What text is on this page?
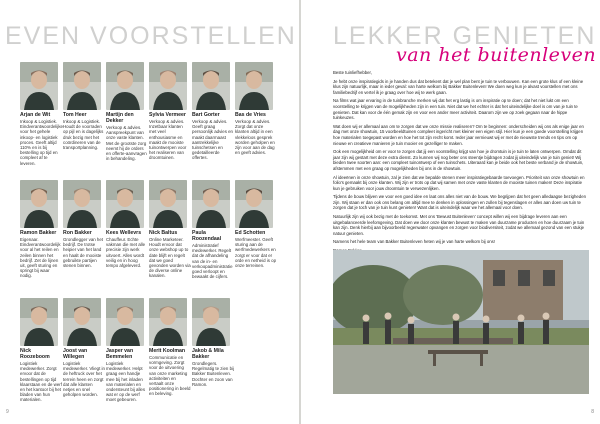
EVEN VOORSTELLEN
Arjan de Wit
Inkoop & Logistiek. Eindverantwoordelijke voor het gehele inkoop- en logistiek proces. Geeft altijd 110% en is bij bestelling op tijd en compleet af te leveren.
Tom Heer
Inkoop & Logistiek. Houdt de voorraden op pijl en is dagelijks druk bezig met het coördineren van de transportplanning.
Martijn den Dekker
Verkoop & advies. Aanspreekpunt van onze vaste klanten. Met de grootste zorg neemt hij de orders en offerte-aanvragen in behandeling.
Sylvia Vermeer
Verkoop & advies. Inzetbaar klanten met veel enthousiasme en maakt de mooiste tuinontwerpen voor het realiseren van droomtuinen.
Bart Gorter
Verkoop & advies. Geeft graag persoonlijk advies en maakt daarmaast aantrekkelijke tuinschetsen en gedetailleerde offertes.
Bas de Vries
Verkoop & advies. Zorgt dat onze klanten altijd in een vlekkeloos gesprek worden geholpen en zijn voor aan de dag en geeft advies.
Ramon Bakker
Eigenaar. Eindverantwoordelijk voor al het reilen en zeilen binnen het bedrijf. Zet de lijnen uit, geeft sturing en springt bij waar nodig.
Ron Bakker
Grondlegger van het bedrijf. De trotse heipier van het land en haalt de mooiste gebruikte partijen stenen binnen.
Kees Wellevrs
Chauffeur. Echte vakman die met alle precisie zijn werk uitvoert. Alles wordt veilig en in hoog tempo afgeleverd.
Nick Baltus
Online Marketeer. Houdt ervoor dat onze webshop up to date blijft en regelt dat we goed gevonden worden via de diverse online kanalen.
Paula Roozendaal
Administratief medewerker. Regelt dat de afhandeling van de in- en verkoopadministratie goed verloopt en bewaakt de cijfers.
Ed Schotten
Werfmeester. Geeft sturing aan de werfmedewerkers en zorgt er voor dat er orde en netheid is op onze terreinen.
Nick Roozeboom
Logistiek medewerker. Zorgt ervoor dat de bestellingen op tijd klaarstaan en de werf en het kantoor bij het bladen van hun materialen.
Joost van Willegen
Logistiek medewerker. Vliegt in de heftruck over het terrein heen en zorgt dat alle klanten netjes en snel geholpen worden.
Jasper van Bemmelen
Logistiek medewerker. Helpt graag een handje mee bij het inladen van materialen en ondersteunt bij alles wat er op de werf moet gebeuren.
Merit Koolman
Communicatie en vormgeving. Zorgt voor de uitvoering van onze marketing activiteiten en vertaalt onze positionering in beeld en beleving.
Jakob & Mila Bakker
Grondlegers. Regelmatig te zien bij Bakker Buitenleven. Dochter en zoon van Ramon.
9
LEKKER GENIETEN
van het buitenleven

Beste tuinliefhebber,

Je hebt onze inspiratiegids in je handen dus dat betekent dat je wel plan bent je tuin te verbouwen. Kan een grote klus of een kleine klus zijn natuurlijk, maar in ieder geval: van harte welkom bij Bakker Buitenleven! We doen weg kun je alvast voorstellen met ons familiebedrijf en vertel ik je graag over hoe wij te werk gaan.

Na films wat jaar ervaring in de tuinbranche merken wij dat het erg lastig is om inspiratie op te doen; dat het niet lukt om een voorstelling te krijgen van de mogelijkheden zijn in een tuin. Niet dat we het echter is dat het uiteindelijke doel is om van je tuin te genieten. Dat kan voor de één gemak zijn en voor een ander meer activiteit. Daarom zijn we op zoek gegaan naar de hippe tuinkeuzes.

Wat doen wij er allemaal aan om te zorgen dat we onze missie realiseren? Om te beginnen: onderscheiden wij ons als enige jaar en dag met onze showtuin, 15 voorbeeldtuinen compleet ingericht met kleiner een eigen stijl. Hier kun je een goede voorstelling krijgen hoe materialen toegepast worden en hoe het tot zijn recht komt. Ieder jaar vernieuwt wij er met de nieuwste trends en tips om op nieuwe en creatieve manieren je tuin mooier en gezelliger te maken.

Ook een mogelijkheid om er voor te zorgen dat jij een voorstelling krijgt van hoe je dromtuin is je tuin te laten ontwerpen. Omdat dit jaar zijn wij gestart met deze extra dienst. Zo kunnen wij nog beter ons steentje bijdragen zodat jij uiteindelijk van je tuin geniet! Wij bieden twee soorten aan: een compleet tuinontwerp of een tuinschets. Uiteraard kan je beide ook het beste verband je de showtuin, afstemmen met een graag op mogelijkheden bij ons in de showtuin.

Al ideeënen in onze showtuin, zal je zien dat we bepalde stenen meer inspiratiegebaarde toevoegen. Prioriteit van onze showtuin en folio's gemaakt bij onze klanten. Wij zijn er trots op dat wij samen met onze vaste klanten de mooiste tuinen maken! Deze inspiratie kun je gebruiken voor jouw droomtuin te verwezenlijken.

Tijdens de bouw blijven we voor een goed idee en laat ons alles niet van de bouw. We begrijpen dat het geen alledaagse bezigheden zijn. Wij staan er dan ook ons belang om altijd mee te denken in oplossingen en zullen bij tegenslagen er alles aan doen uw tuin te zorgen dat je toch van je tuin kunt genieten! Want dat is uiteindelijk waar we het allemaal voor doen.

Natuurlijk zijn wij ook bezig met de toekomst. Met ons 'Bewust Buitenleven' concept willen wij een bijdrage leveren aan een uitgebalanceerde leefomgeving. Dat doen we door onze klanten bewust te maken van duurzame producten en hoe duurzaam je tuin kan zijn. Denk hierbij aan bijvoorbeeld regenwater opvangen en zorgen voor biodiversiteit, zodat we allemaal gezond van een stukje natuur genieten.

Namens het hele team van Bakker Buitenleven heten wij je van harte welkom bij ons!

8
